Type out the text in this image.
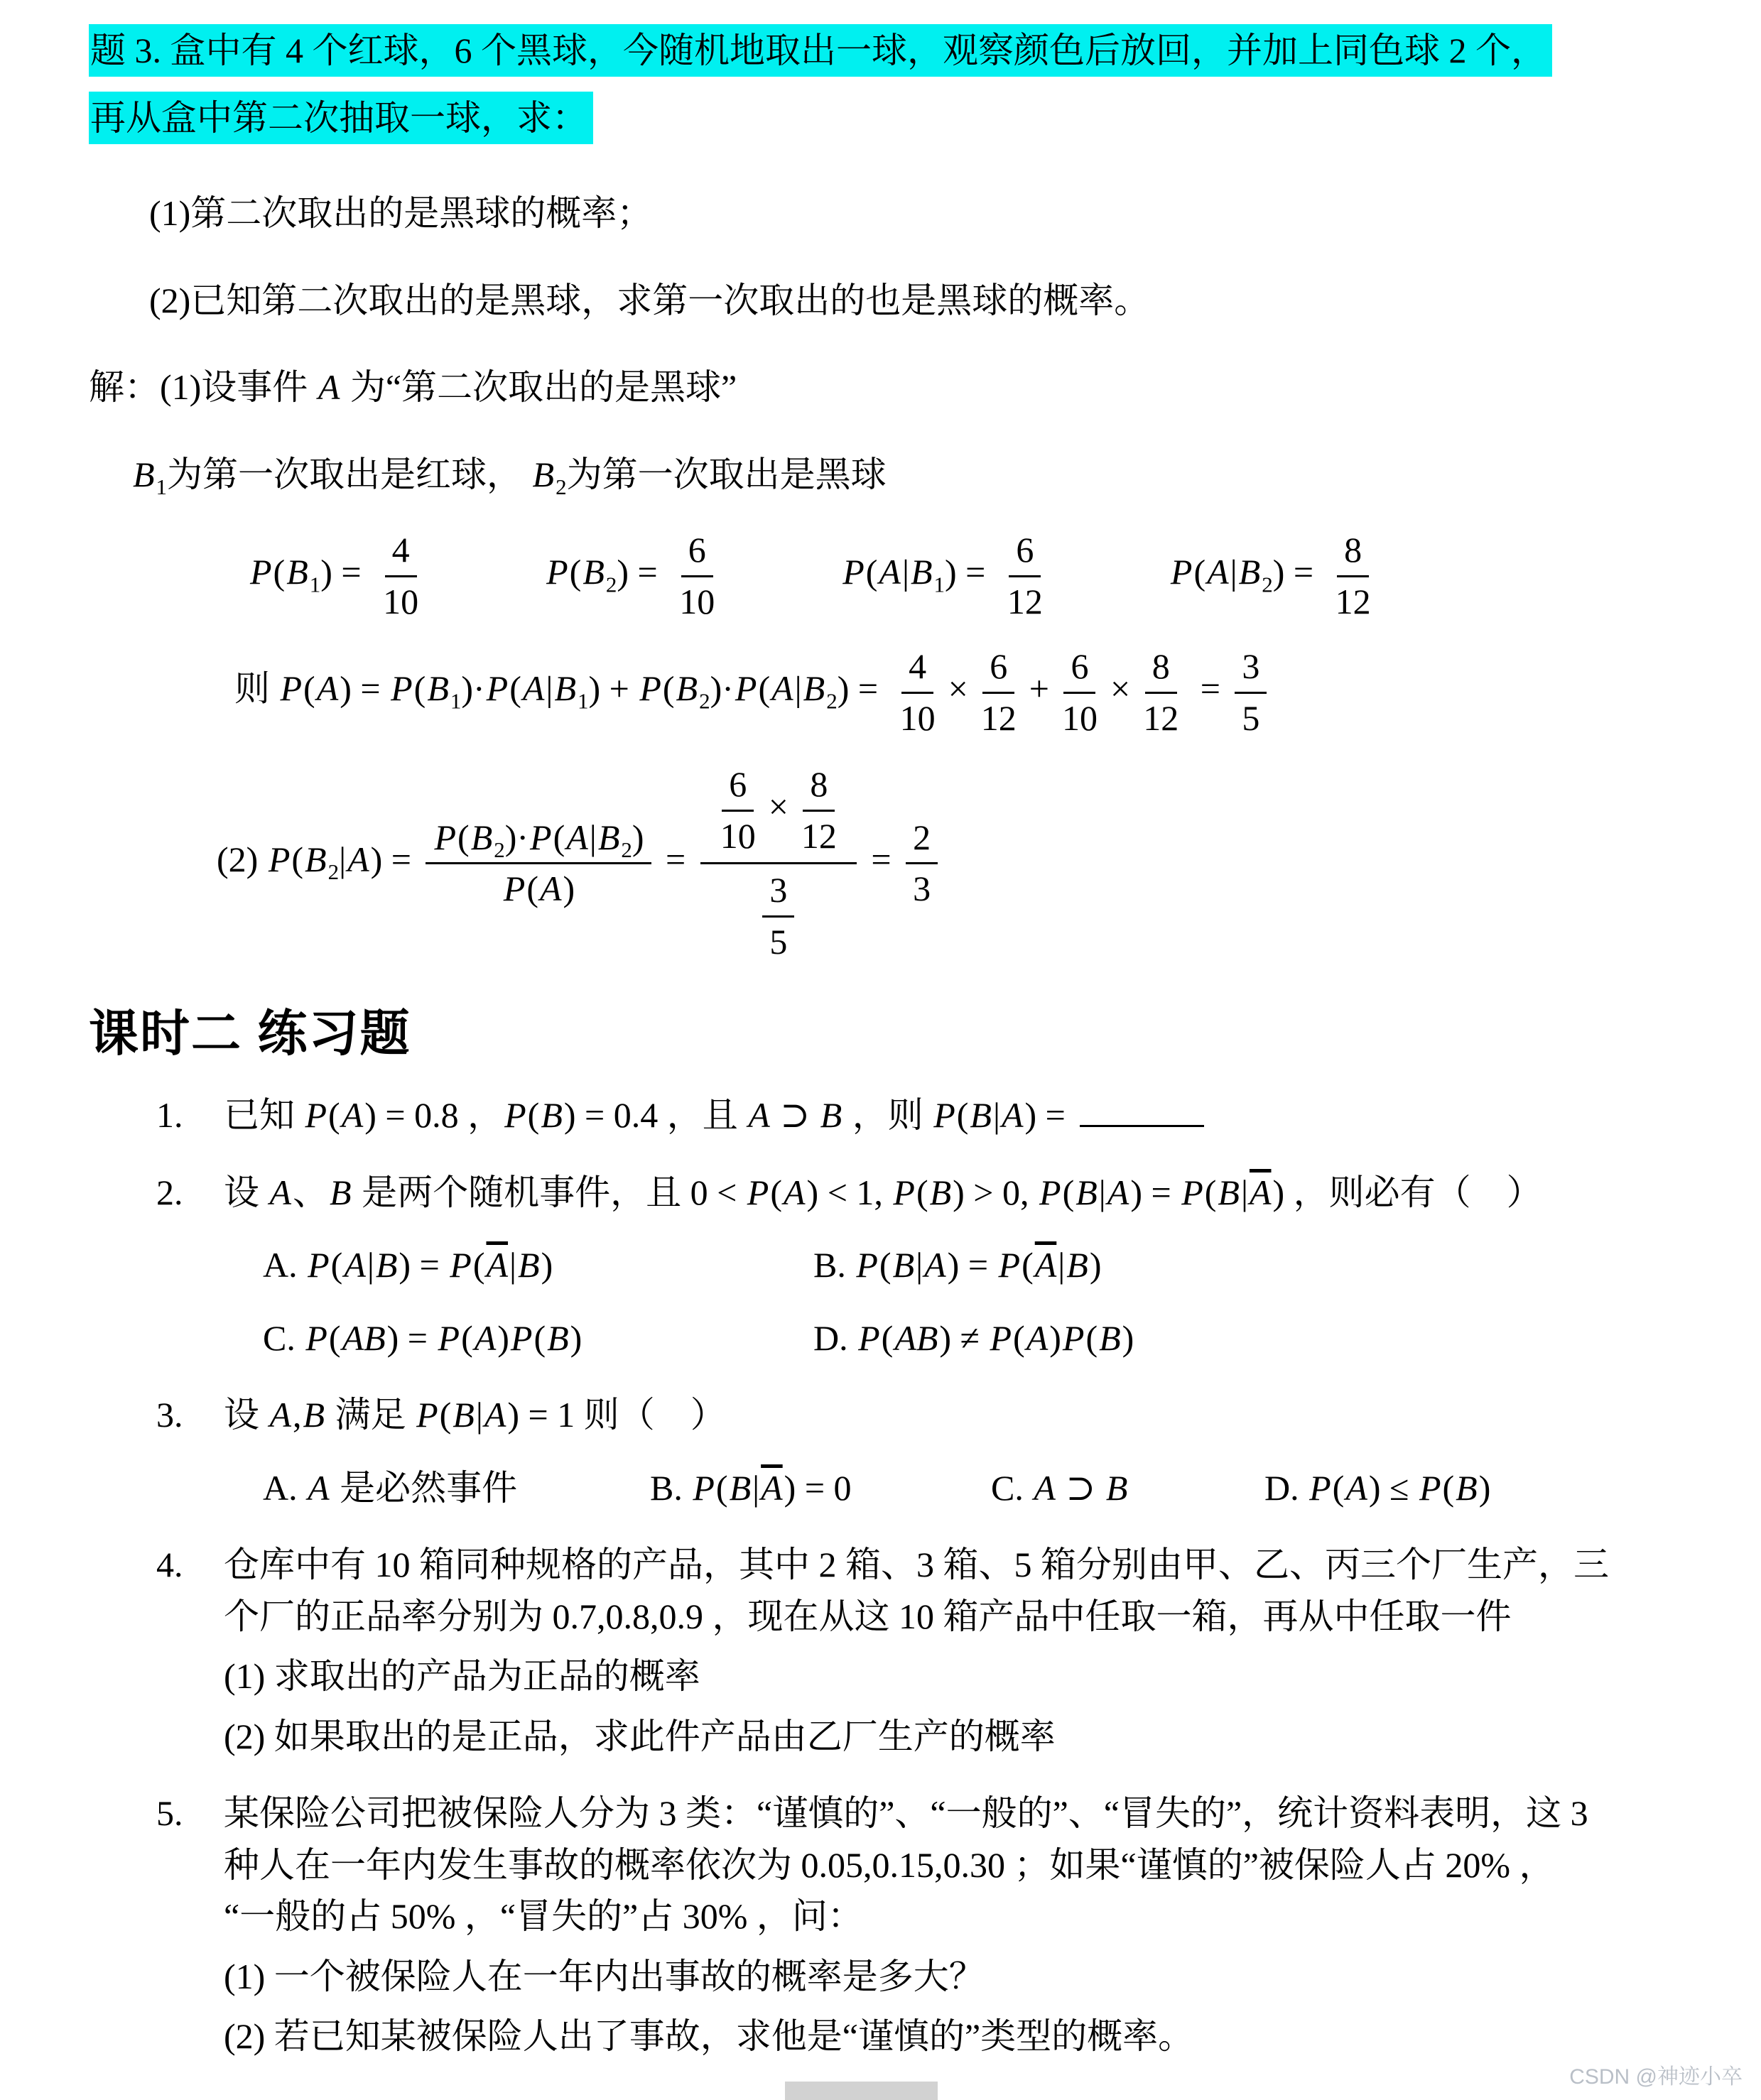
题 3. 盒中有 4 个红球，6 个黑球，今随机地取出一球，观察颜色后放回，并加上同色球 2 个，
再从盒中第二次抽取一球，求：

(1)第二次取出的是黑球的概率；

(2)已知第二次取出的是黑球，求第一次取出的也是黑球的概率。

解：(1)设事件 A 为“第二次取出的是黑球”

$B_1$为第一次取出是红球， $B_2$为第一次取出是黑球

$P(B_1) = \frac{4}{10}$	$P(B_2) = \frac{6}{10}$	$P(A|B_1) = \frac{6}{12}$	$P(A|B_2) = \frac{8}{12}$
则 $P(A) = P(B_1)\cdot P(A|B_1) + P(B_2)\cdot P(A|B_2) = \frac{4}{10} \times \frac{6}{12} + \frac{6}{10} \times \frac{8}{12} = \frac{3}{5}$
(2) $P(B_2|A) = \frac{P(B_2)\cdot P(A|B_2)}{P(A)} = \frac{\frac{6}{10} \times \frac{8}{12}}{\frac{3}{5}} = \frac{2}{3}$
课时二 练习题
1.	已知 P(A) = 0.8 ，P(B) = 0.4 ，且 A ⊃ B ，则 P(B|A) =
2.	设 A、B 是两个随机事件，且 0 < P(A) < 1, P(B) > 0, $P(B|A) = P(B|\overline{A})$ ，则必有（　）
A. $P(A|B) = P(\overline{A}|B)$	B. $P(B|A) = P(\overline{A}|B)$
C. P(AB) = P(A)P(B)	D. P(AB) ≠ P(A)P(B)
3.	设 A,B 满足 P(B|A) = 1 则（　）
A. A 是必然事件	B. $P(B|\overline{A}) = 0$	C. A ⊃ B	D. P(A) ≤ P(B)
4.	仓库中有 10 箱同种规格的产品，其中 2 箱、3 箱、5 箱分别由甲、乙、丙三个厂生产，三
个厂的正品率分别为 0.7,0.8,0.9 ，现在从这 10 箱产品中任取一箱，再从中任取一件
(1) 求取出的产品为正品的概率
(2) 如果取出的是正品，求此件产品由乙厂生产的概率
5.	某保险公司把被保险人分为 3 类：“谨慎的”、“一般的”、“冒失的”，统计资料表明，这 3
种人在一年内发生事故的概率依次为 0.05,0.15,0.30 ；如果“谨慎的”被保险人占 20% ，
“一般的占 50% ，“冒失的”占 30% ，问：
(1) 一个被保险人在一年内出事故的概率是多大？
(2) 若已知某被保险人出了事故，求他是“谨慎的”类型的概率。
CSDN @神迹小卒
